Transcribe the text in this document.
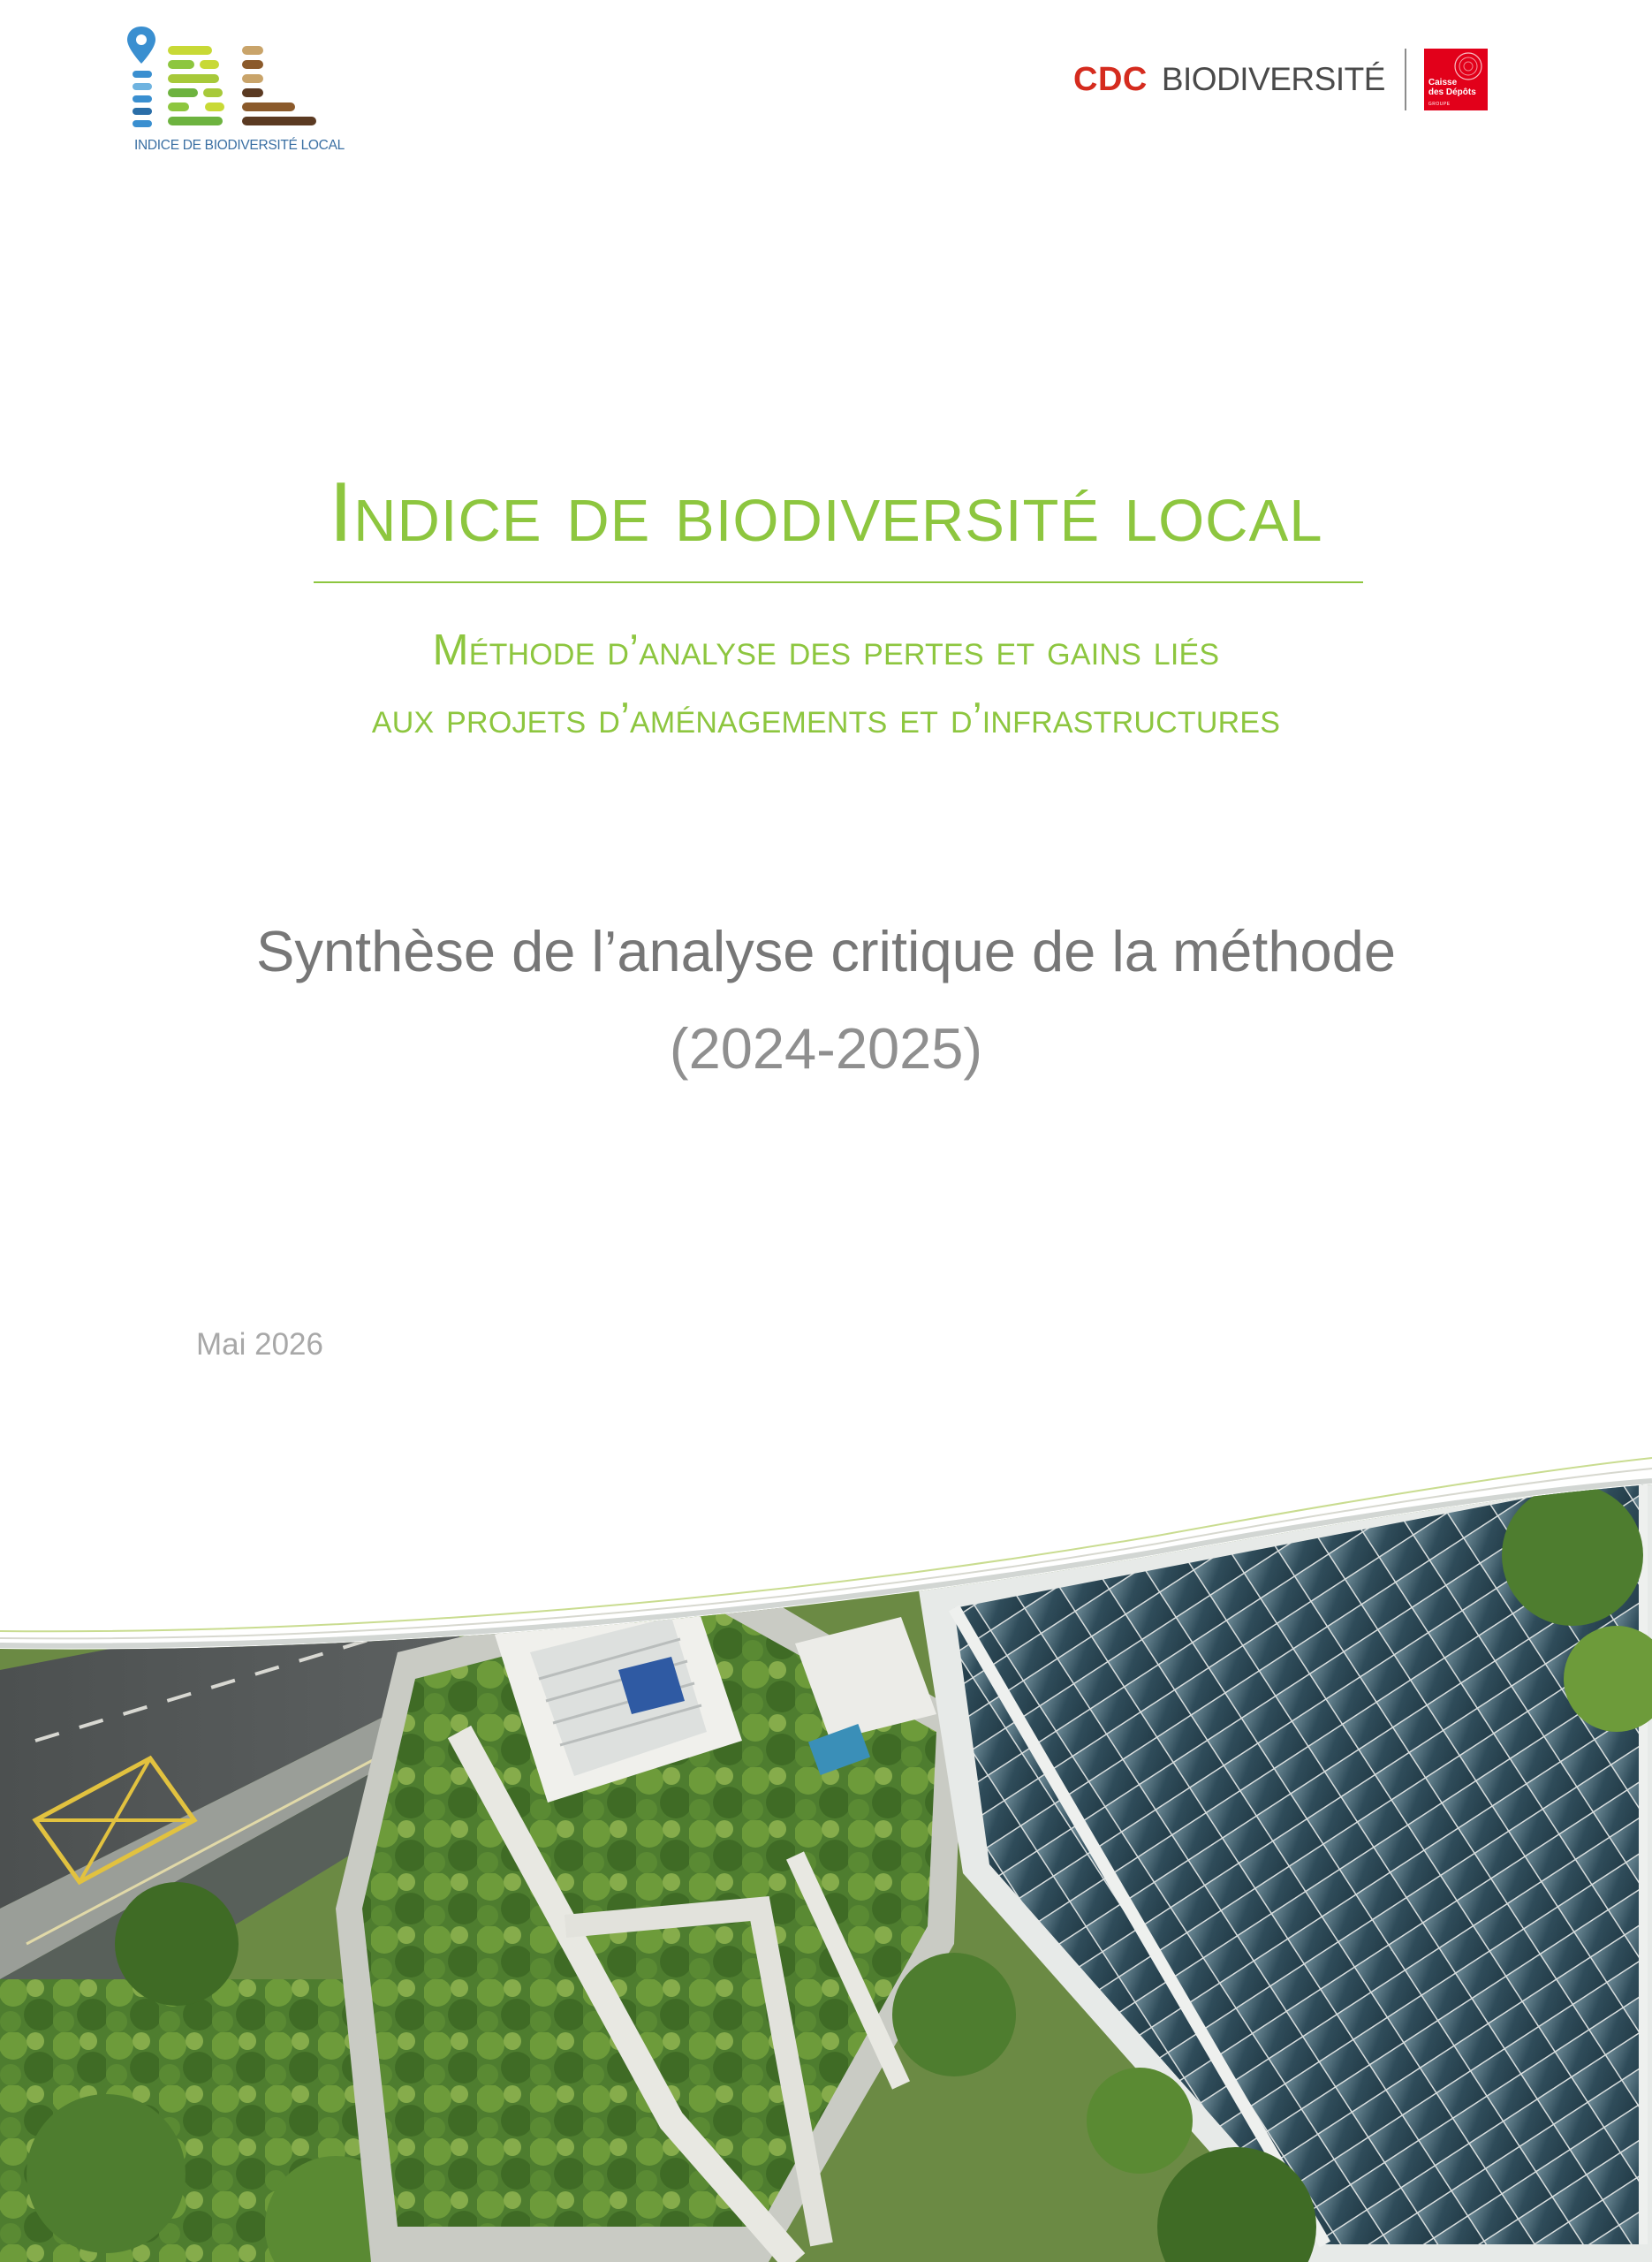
INDICE DE BIODIVERSITÉ LOCAL
CDC BIODIVERSITÉ	Caisse
des Dépôts
GROUPE
Indice de biodiversité local
Méthode d’analyse des pertes et gains liés
aux projets d’aménagements et d’infrastructures
Synthèse de l’analyse critique de la méthode
(2024-2025)
Mai 2026
